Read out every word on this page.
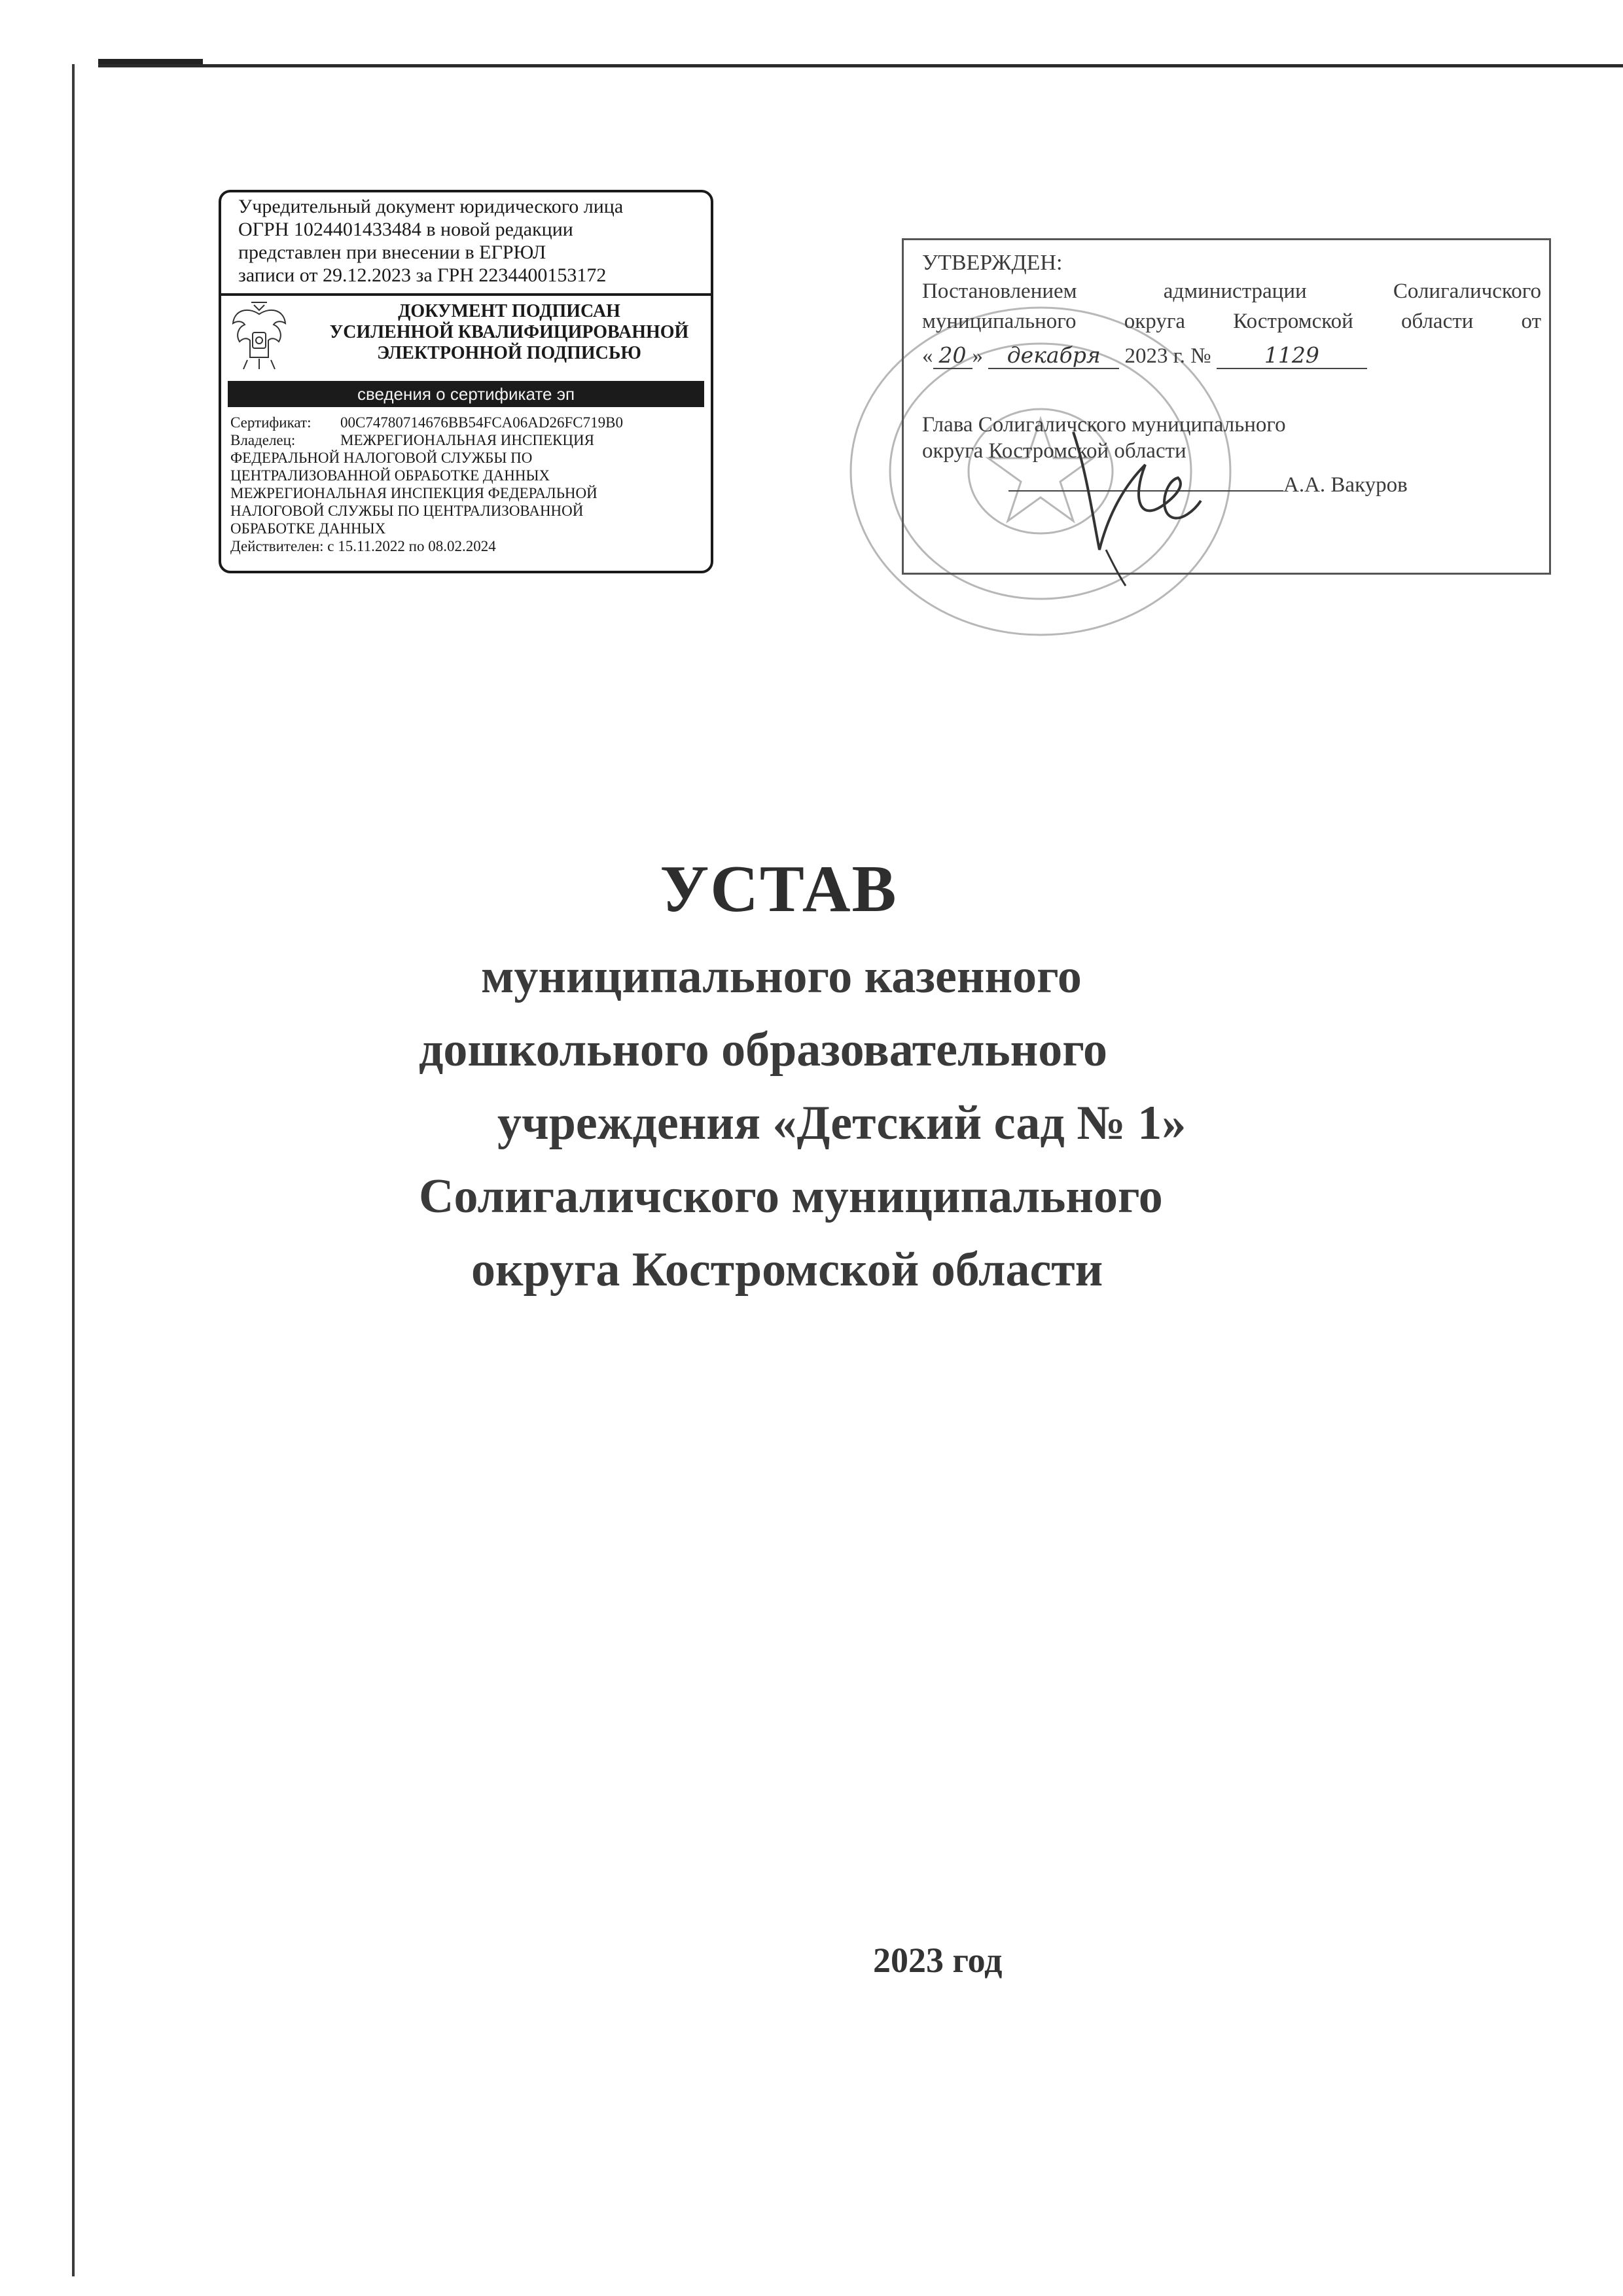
Учредительный документ юридического лица
ОГРН 1024401433484 в новой редакции
представлен при внесении в ЕГРЮЛ
записи от 29.12.2023 за ГРН 2234400153172
ДОКУМЕНТ ПОДПИСАН
УСИЛЕННОЙ КВАЛИФИЦИРОВАННОЙ
ЭЛЕКТРОННОЙ ПОДПИСЬЮ
сведения о сертификате эп
Сертификат: 00C74780714676BB54FCA06AD26FC719B0
Владелец:	МЕЖРЕГИОНАЛЬНАЯ ИНСПЕКЦИЯ
ФЕДЕРАЛЬНОЙ НАЛОГОВОЙ СЛУЖБЫ ПО
ЦЕНТРАЛИЗОВАННОЙ ОБРАБОТКЕ ДАННЫХ
МЕЖРЕГИОНАЛЬНАЯ ИНСПЕКЦИЯ ФЕДЕРАЛЬНОЙ
НАЛОГОВОЙ СЛУЖБЫ ПО ЦЕНТРАЛИЗОВАННОЙ
ОБРАБОТКЕ ДАННЫХ
Действителен: с 15.11.2022 по 08.02.2024
УТВЕРЖДЕН:
Постановлением администрации Солигаличского
муниципального округа Костромской области от
« 20 » декабря 2023 г. № 1129
Глава Солигаличского муниципального
округа Костромской области
А.А. Вакуров
УСТАВ
муниципального казенного
дошкольного образовательного
учреждения «Детский сад № 1»
Солигаличского муниципального
округа Костромской области
2023 год
